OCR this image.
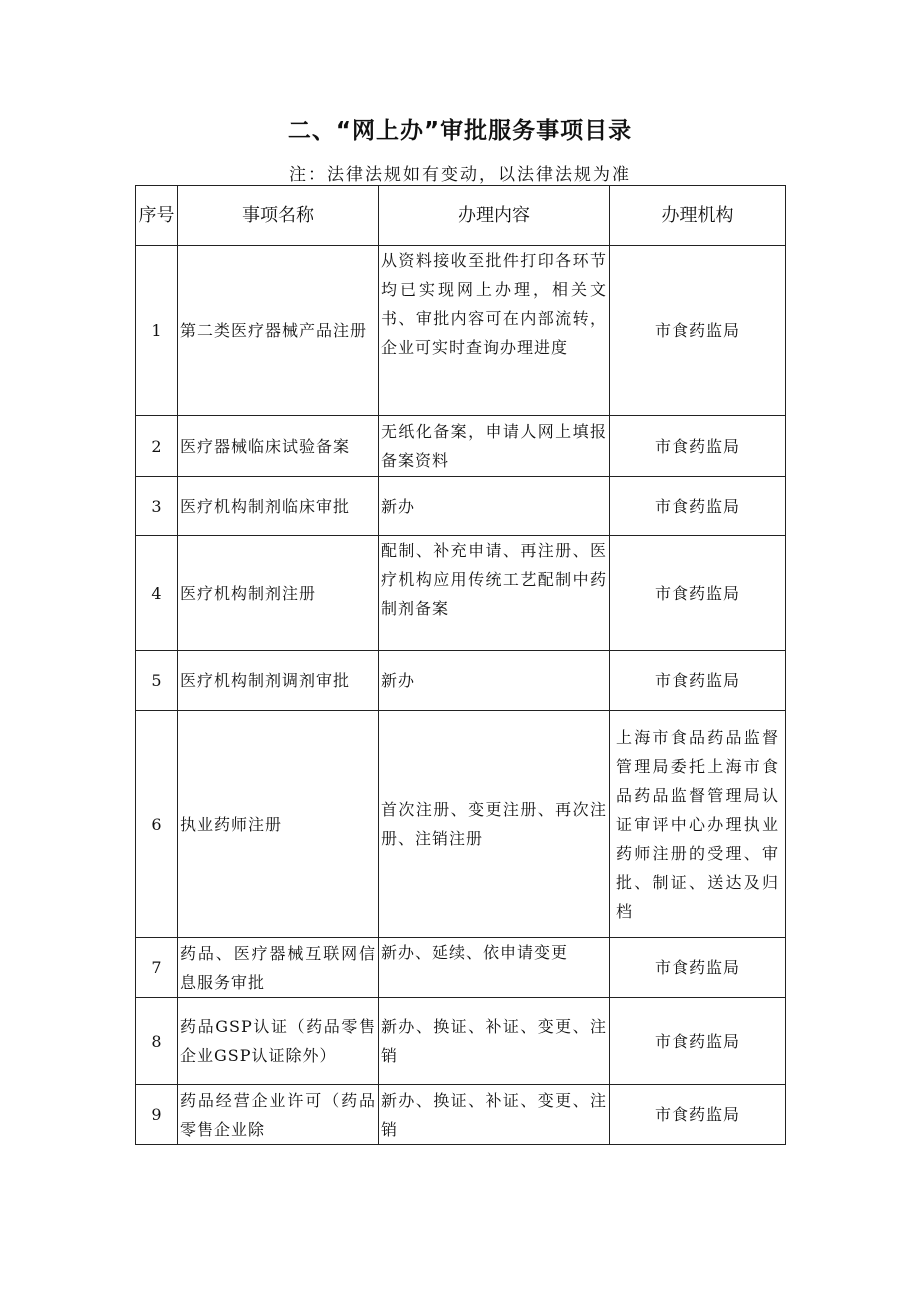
二、“网上办”审批服务事项目录

注：法律法规如有变动，以法律法规为准

序号	事项名称	办理内容	办理机构
1	第二类医疗器械产品注册	从资料接收至批件打印各环节均已实现网上办理，相关文书、审批内容可在内部流转，企业可实时查询办理进度	市食药监局
2	医疗器械临床试验备案	无纸化备案，申请人网上填报备案资料	市食药监局
3	医疗机构制剂临床审批	新办	市食药监局
4	医疗机构制剂注册	配制、补充申请、再注册、医疗机构应用传统工艺配制中药制剂备案	市食药监局
5	医疗机构制剂调剂审批	新办	市食药监局
6	执业药师注册	首次注册、变更注册、再次注册、注销注册	上海市食品药品监督管理局委托上海市食品药品监督管理局认证审评中心办理执业药师注册的受理、审批、制证、送达及归档
7	药品、医疗器械互联网信息服务审批	新办、延续、依申请变更	市食药监局
8	药品GSP认证（药品零售企业GSP认证除外）	新办、换证、补证、变更、注销	市食药监局
9	药品经营企业许可（药品零售企业除	新办、换证、补证、变更、注销	市食药监局
